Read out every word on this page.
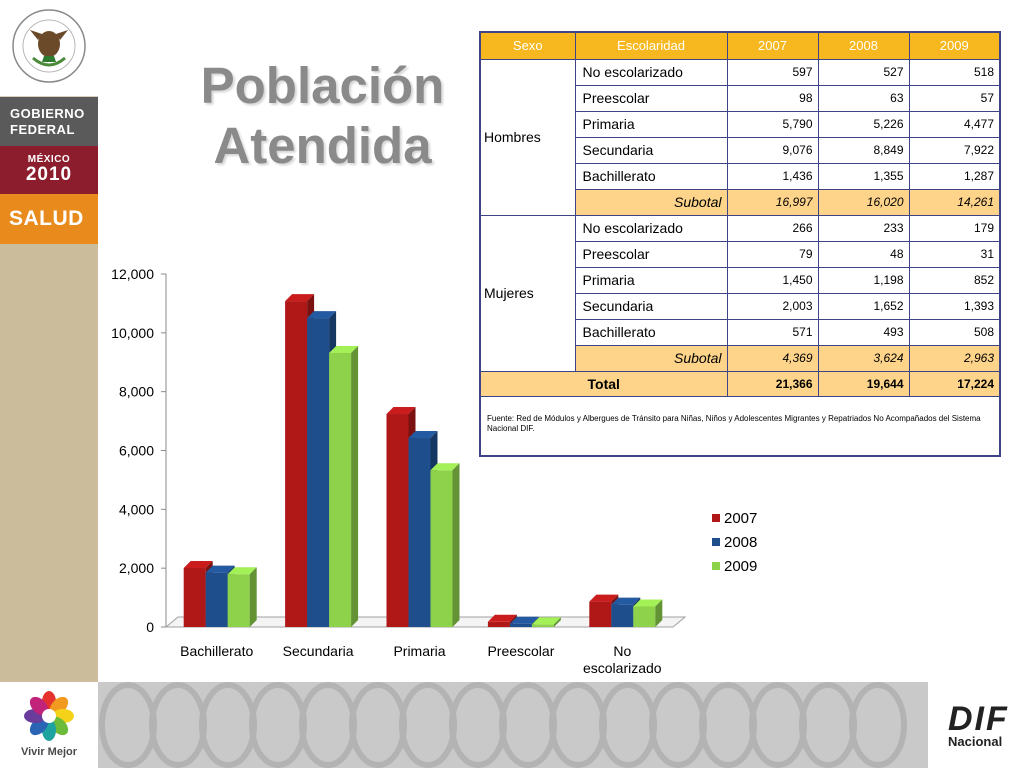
GOBIERNO
FEDERAL
MÉXICO
2010
SALUD
Población
Atendida
Sexo	Escolaridad	2007	2008	2009
Hombres	No escolarizado	597	527	518
	Preescolar	98	63	57
	Primaria	5,790	5,226	4,477
	Secundaria	9,076	8,849	7,922
	Bachillerato	1,436	1,355	1,287
	Subotal	16,997	16,020	14,261
Mujeres	No escolarizado	266	233	179
	Preescolar	79	48	31
	Primaria	1,450	1,198	852
	Secundaria	2,003	1,652	1,393
	Bachillerato	571	493	508
	Subotal	4,369	3,624	2,963
Total		21,366	19,644	17,224
Fuente: Red de Módulos y Albergues de Tránsito para Niñas, Niños y Adolescentes Migrantes y Repatriados No Acompañados del Sistema Nacional DIF.				
0
2,000
4,000
6,000
8,000
10,000
12,000
Bachillerato Secundaria	Primaria	Preescolar	No
escolarizado
2007
2008
2009
Vivir Mejor
DIF
Nacional
